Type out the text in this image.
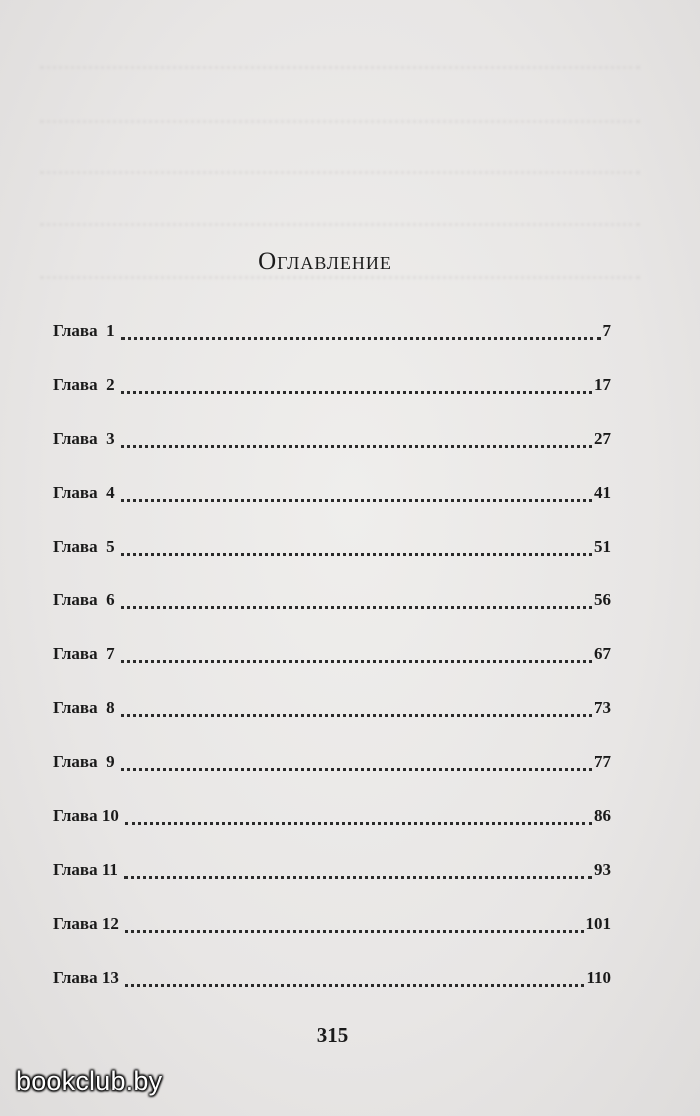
Оглавление
Глава  1	7
Глава  2	17
Глава  3	27
Глава  4	41
Глава  5	51
Глава  6	56
Глава  7	67
Глава  8	73
Глава  9	77
Глава 10	86
Глава 11	93
Глава 12	101
Глава 13	110
315
bookclub.by
